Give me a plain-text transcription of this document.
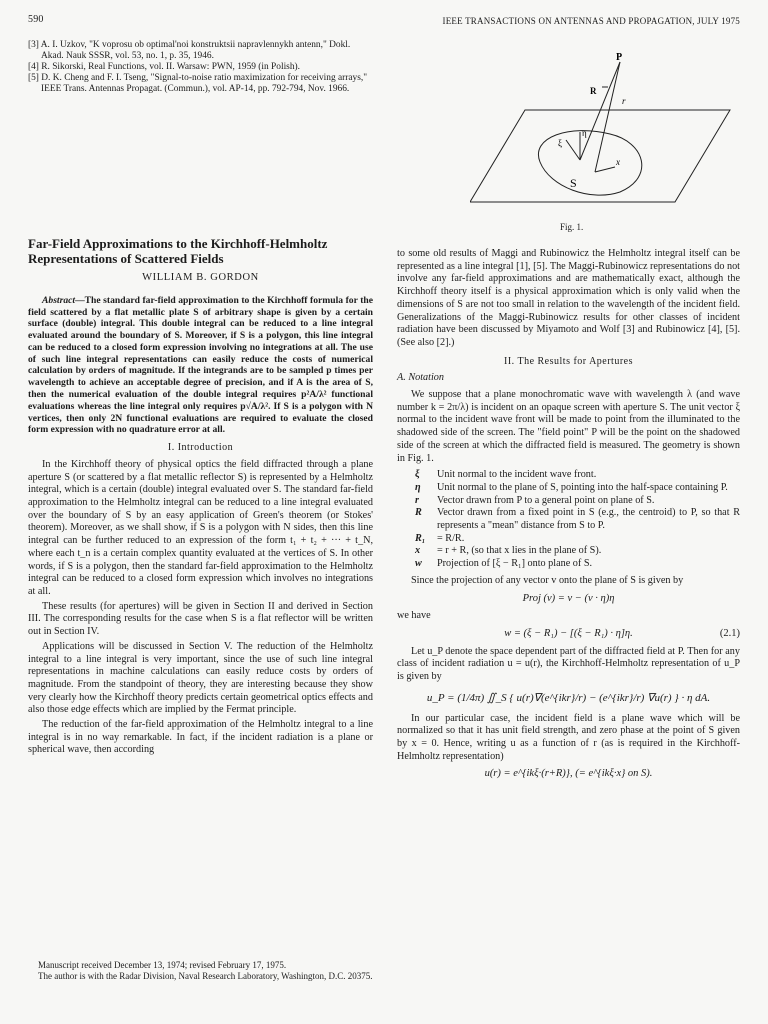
590	IEEE TRANSACTIONS ON ANTENNAS AND PROPAGATION, JULY 1975

[3] A. I. Uzkov, "K voprosu ob optimal'noi konstruktsii napravlennykh antenn," Dokl. Akad. Nauk SSSR, vol. 53, no. 1, p. 35, 1946.

[4] R. Sikorski, Real Functions, vol. II. Warsaw: PWN, 1959 (in Polish).

[5] D. K. Cheng and F. I. Tseng, "Signal-to-noise ratio maximization for receiving arrays," IEEE Trans. Antennas Propagat. (Commun.), vol. AP-14, pp. 792-794, Nov. 1966.

P
R
r
η
ξ
S
x
Fig. 1.
Far-Field Approximations to the Kirchhoff-Helmholtz Representations of Scattered Fields
WILLIAM B. GORDON

Abstract—The standard far-field approximation to the Kirchhoff formula for the field scattered by a flat metallic plate S of arbitrary shape is given by a certain surface (double) integral. This double integral can be reduced to a line integral evaluated around the boundary of S. Moreover, if S is a polygon, this line integral can be reduced to a closed form expression involving no integrations at all. The use of such line integral representations can easily reduce the costs of numerical calculation by orders of magnitude. If the integrands are to be sampled p times per wavelength to achieve an acceptable degree of precision, and if A is the area of S, then the numerical evaluation of the double integral requires p²A/λ² functional evaluations whereas the line integral only requires p√A/λ². If S is a polygon with N vertices, then only 2N functional evaluations are required to evaluate the closed form expression with no quadrature error at all.

I. Introduction

In the Kirchhoff theory of physical optics the field diffracted through a plane aperture S (or scattered by a flat metallic reflector S) is represented by a Helmholtz integral, which is a certain (double) integral evaluated over S. The standard far-field approximation to the Helmholtz integral can be reduced to a line integral evaluated over the boundary of S by an easy application of Green's theorem (or Stokes' theorem). Moreover, as we shall show, if S is a polygon with N sides, then this line integral can be further reduced to an expression of the form t₁ + t₂ + ··· + t_N, where each t_n is a certain complex quantity evaluated at the vertices of S. In other words, if S is a polygon, then the standard far-field approximation to the Helmholtz integral can be reduced to a closed form expression which involves no integrations at all.

These results (for apertures) will be given in Section II and derived in Section III. The corresponding results for the case when S is a flat reflector will be written out in Section IV.

Applications will be discussed in Section V. The reduction of the Helmholtz integral to a line integral is very important, since the use of such line integral representations in machine calculations can easily reduce costs by orders of magnitude. From the standpoint of theory, they are interesting because they show very clearly how the Kirchhoff theory predicts certain geometrical optics effects and also those edge effects which are implied by the Fermat principle.

The reduction of the far-field approximation of the Helmholtz integral to a line integral is in no way remarkable. In fact, if the incident radiation is a plane or spherical wave, then according

Manuscript received December 13, 1974; revised February 17, 1975.

The author is with the Radar Division, Naval Research Laboratory, Washington, D.C. 20375.

to some old results of Maggi and Rubinowicz the Helmholtz integral itself can be represented as a line integral [1], [5]. The Maggi-Rubinowicz representations do not involve any far-field approximations and are mathematically exact, although the Kirchhoff theory itself is a physical approximation which is only valid when the dimensions of S are not too small in relation to the wavelength of the incident field. Generalizations of the Maggi-Rubinowicz results for other classes of incident radiation have been discussed by Miyamoto and Wolf [3] and Rubinowicz [4], [5]. (See also [2].)

II. The Results for Apertures
A. Notation

We suppose that a plane monochromatic wave with wavelength λ (and wave number k = 2π/λ) is incident on an opaque screen with aperture S. The unit vector ξ normal to the incident wave front will be made to point from the illuminated to the shadowed side of the screen. The "field point" P will be the point on the shadowed side of the screen at which the diffracted field is measured. The geometry is shown in Fig. 1.

ξ	Unit normal to the incident wave front.
η	Unit normal to the plane of S, pointing into the half-space containing P.
r	Vector drawn from P to a general point on plane of S.
R	Vector drawn from a fixed point in S (e.g., the centroid) to P, so that R represents a "mean" distance from S to P.
R₁	= R/R.
x	= r + R, (so that x lies in the plane of S).
w	Projection of [ξ − R₁] onto plane of S.

Since the projection of any vector v onto the plane of S is given by

Proj (v) = v − (v · η)η

we have

w = (ξ − R₁) − [(ξ − R₁) · η]η.	(2.1)

Let u_P denote the space dependent part of the diffracted field at P. Then for any class of incident radiation u = u(r), the Kirchhoff-Helmholtz representation of u_P is given by

u_P = (1/4π) ∬_S { u(r)∇(e^{ikr}/r) − (e^{ikr}/r) ∇u(r) } · η dA.

In our particular case, the incident field is a plane wave which will be normalized so that it has unit field strength, and zero phase at the point of S given by x = 0. Hence, writing u as a function of r (as is required in the Kirchhoff-Helmholtz representation)

u(r) = e^{ikξ·(r+R)}, (= e^{ikξ·x} on S).
